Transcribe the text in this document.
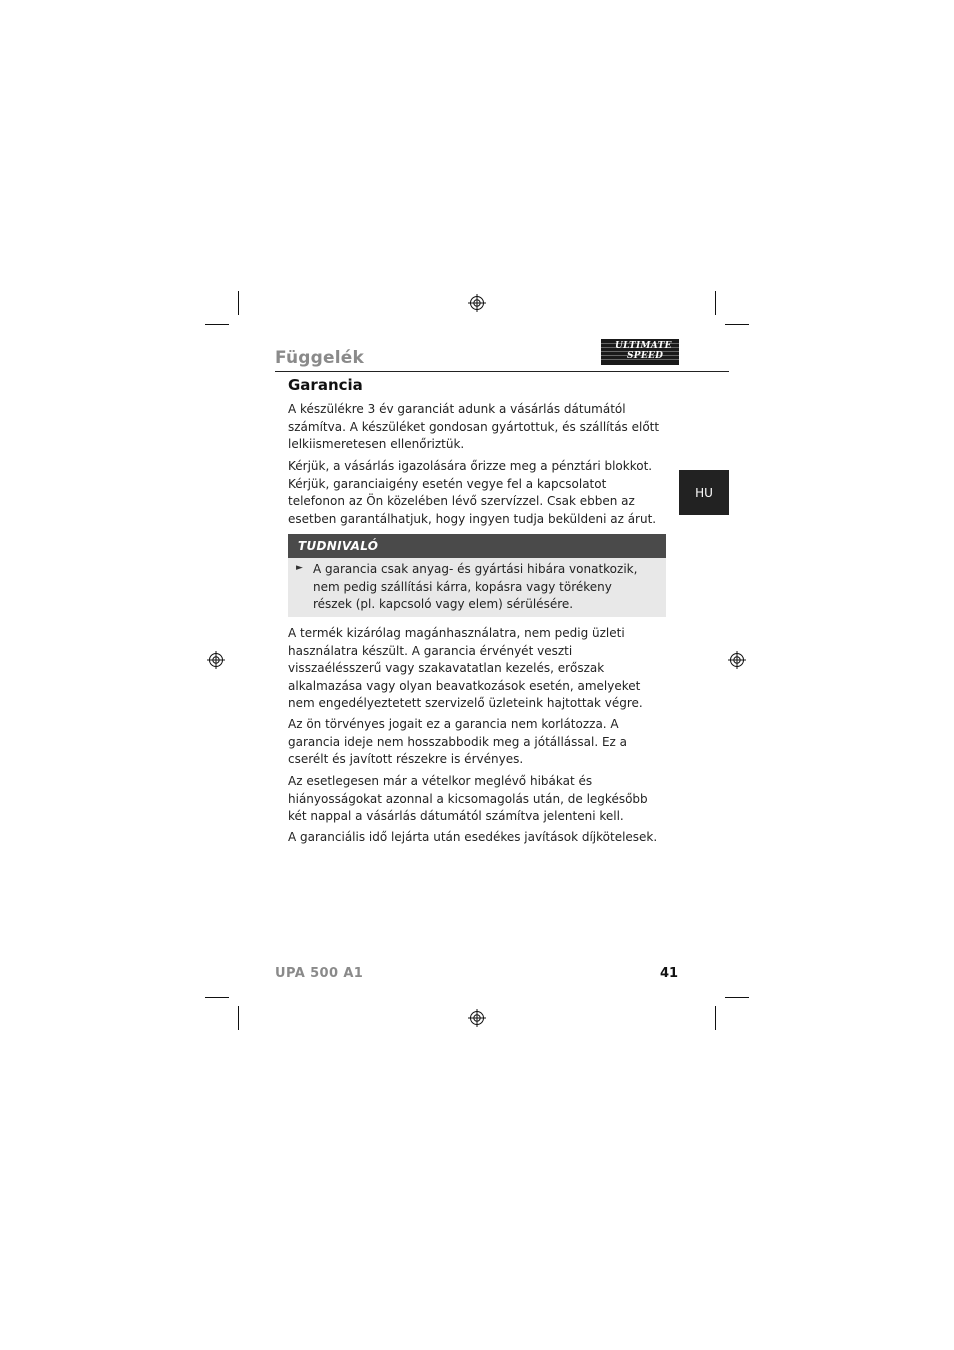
Függelék
ULTIMATE
SPEED
HU
Garancia

A készülékre 3 év garanciát adunk a vásárlás dátumától számítva. A készüléket gondosan gyártottuk, és szállítás előtt lelkiismeretesen ellenőriztük.

Kérjük, a vásárlás igazolására őrizze meg a pénztári blokkot. Kérjük, garanciaigény esetén vegye fel a kapcsolatot telefonon az Ön közelében lévő szervízzel. Csak ebben az esetben garantálhatjuk, hogy ingyen tudja beküldeni az árut.

TUDNIVALÓ
► A garancia csak anyag- és gyártási hibára vonatkozik, nem pedig szállítási kárra, kopásra vagy törékeny részek (pl. kapcsoló vagy elem) sérülésére.

A termék kizárólag magánhasználatra, nem pedig üzleti használatra készült. A garancia érvényét veszti visszaélésszerű vagy szakavatatlan kezelés, erőszak alkalmazása vagy olyan beavatkozások esetén, amelyeket nem engedélyeztetett szervizelő üzleteink hajtottak végre.

Az ön törvényes jogait ez a garancia nem korlátozza. A garancia ideje nem hosszabbodik meg a jótállással. Ez a cserélt és javított részekre is érvényes.

Az esetlegesen már a vételkor meglévő hibákat és hiányosságokat azonnal a kicsomagolás után, de legkésőbb két nappal a vásárlás dátumától számítva jelenteni kell.

A garanciális idő lejárta után esedékes javítások díjkötelesek.

UPA 500 A1	41
